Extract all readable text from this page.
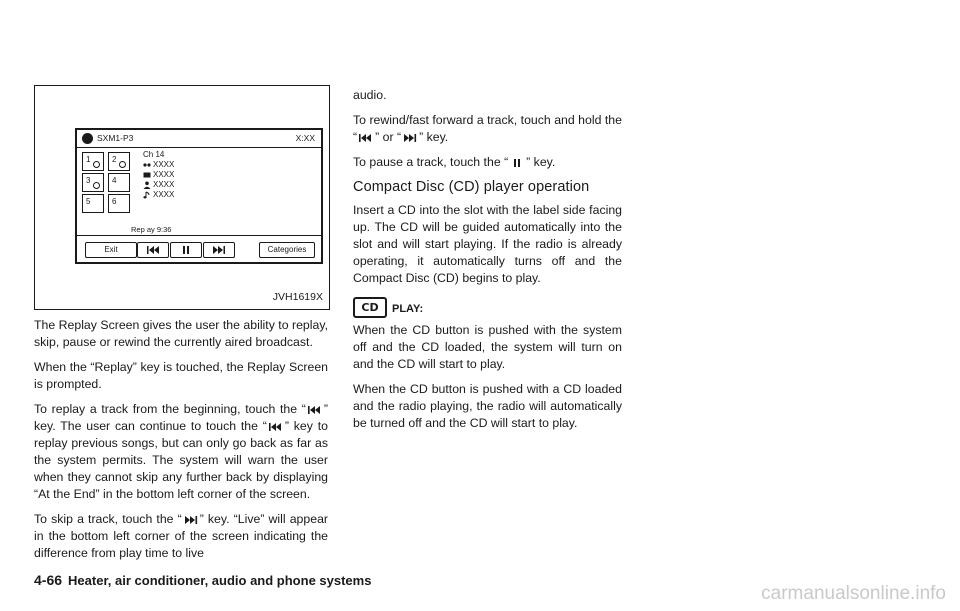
SXM1-P3	X:XX
1	2
3	4
5	6
Ch 14
XXXX
XXXX
XXXX
XXXX
Rep ay 9:36
Exit	Categories
JVH1619X

The Replay Screen gives the user the ability to replay, skip, pause or rewind the currently aired broadcast.

When the “Replay” key is touched, the Replay Screen is prompted.

To replay a track from the beginning, touch the “ ” key. The user can continue to touch the “ ” key to replay previous songs, but can only go back as far as the system permits. The system will warn the user when they cannot skip any further back by displaying “At the End” in the bottom left corner of the screen.

To skip a track, touch the “ ” key. “Live” will appear in the bottom left corner of the screen indicating the difference from play time to live

audio.

To rewind/fast forward a track, touch and hold the “ ” or “ ” key.

To pause a track, touch the “ ” key.

Compact Disc (CD) player operation

Insert a CD into the slot with the label side facing up. The CD will be guided automatically into the slot and will start playing. If the radio is already operating, it automatically turns off and the Compact Disc (CD) begins to play.

CD	PLAY:

When the CD button is pushed with the system off and the CD loaded, the system will turn on and the CD will start to play.

When the CD button is pushed with a CD loaded and the radio playing, the radio will automatically be turned off and the CD will start to play.

4-66 Heater, air conditioner, audio and phone systems
carmanualsonline.info
